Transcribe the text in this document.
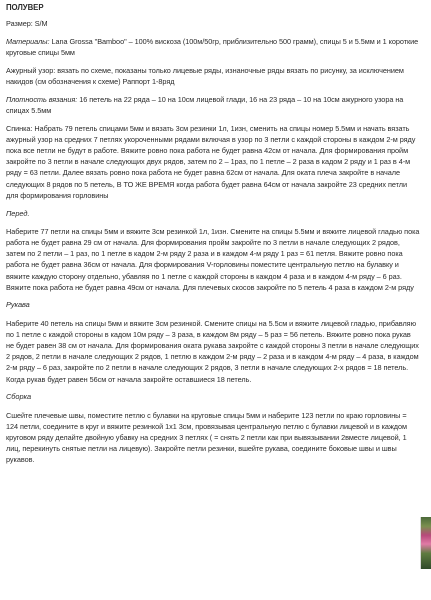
ПОЛУВЕР

Размер: S/M

Материалы: Lana Grossa "Bamboo" – 100% вискоза (100м/50гр, приблизительно 500 грамм), спицы 5 и 5.5мм и 1 короткие круговые спицы 5мм

Ажурный узор: вязать по схеме, показаны только лицевые ряды, изнаночные ряды вязать по рисунку, за исключением накидов (см обозначения к схеме) Раппорт 1-8ряд

Плотность вязания: 16 петель на 22 ряда – 10 на 10см лицевой глади, 16 на 23 ряда – 10 на 10см ажурного узора на спицах 5.5мм

Спинка: Набрать 79 петель спицами 5мм и вязать 3см резинки 1л, 1изн, сменить на спицы номер 5.5мм и начать вязать ажурный узор на средних 7 петлях укороченными рядами включая в узор по 3 петли с каждой стороны в каждом 2-м ряду пока все петли не будут в работе. Вяжите ровно пока работа не будет равна 42см от начала. Для формирования пройм закройте по 3 петли в начале следующих двух рядов, затем по 2 – 1раз, по 1 петле – 2 раза в кадом 2 ряду и 1 раз в 4-м ряду = 63 петли. Далее вязать ровно пока работа не будет равна 62см от начала. Для окатa плеча закройте в начале следующих 8 рядов по 5 петель, В ТО ЖЕ ВРЕМЯ когда работа будет равна 64см от начала закройте 23 средних петли для формирования горловины

Перед.

Наберите 77 петли на спицы 5мм и вяжите 3см резинкой 1л, 1изн. Смените на спицы 5.5мм и вяжите лицевой гладью пока работа не будет равна 29 см от начала. Для формирования пройм закройте по 3 петли в начале следующих 2 рядов, затем по 2 петли – 1 раз, по 1 петле в кадом 2-м ряду 2 раза и в каждом 4-м ряду 1 раз = 61 петля. Вяжите ровно пока работа не будет равна 36см от начала. Для формирования V-горловины поместите центральную петлю на булавку и вяжите каждую сторону отдельно, убавляя по 1 петле с каждой стороны в каждом 4 раза и в каждом 4-м ряду – 6 раз. Вяжите пока работа не будет равна 49см от начала. Для плечевых скосов закройте по 5 петель 4 раза в каждом 2-м ряду

Рукава

Наберите 40 петель на спицы 5мм и вяжите 3см резинкой. Смените спицы на 5.5см и вяжите лицевой гладью, прибавляю по 1 петле с каждой стороны в кадом 10м ряду – 3 раза, в каждом 8м ряду – 5 раз = 56 петель. Вяжите ровно пока рукав не будет равен 38 см от начала. Для формирования оката рукава закройте с каждой стороны 3 петли в начале следующих 2 рядов, 2 петли в начале следующих 2 рядов, 1 петлю в каждом 2-м ряду – 2 раза и в каждом 4-м ряду – 4 раза, в каждом 2-м ряду – 6 раз, закройте по 2 петли в начале следующих 2 рядов, 3 петли в начале следующих 2-х рядов = 18 петель. Когда рукав будет равен 56см от начала закройте оставшиеся 18 петель.

Сборка

Сшейте плечевые швы, поместите петлю с булавки на круговые спицы 5мм и наберите 123 петли по краю горловины = 124 петли, соедините в круг и вяжите резинкой 1х1 3см, провязывая центральную петлю с булавки лицевой и в каждом круговом ряду делайте двойную убавку на средних 3 петлях ( = снять 2 петли как при вывязывании 2вместе лицевой, 1 лиц, перекинуть снятые петли на лицевую). Закройте петли резинки, вшейте рукава, соедините боковые швы и швы рукавов.
